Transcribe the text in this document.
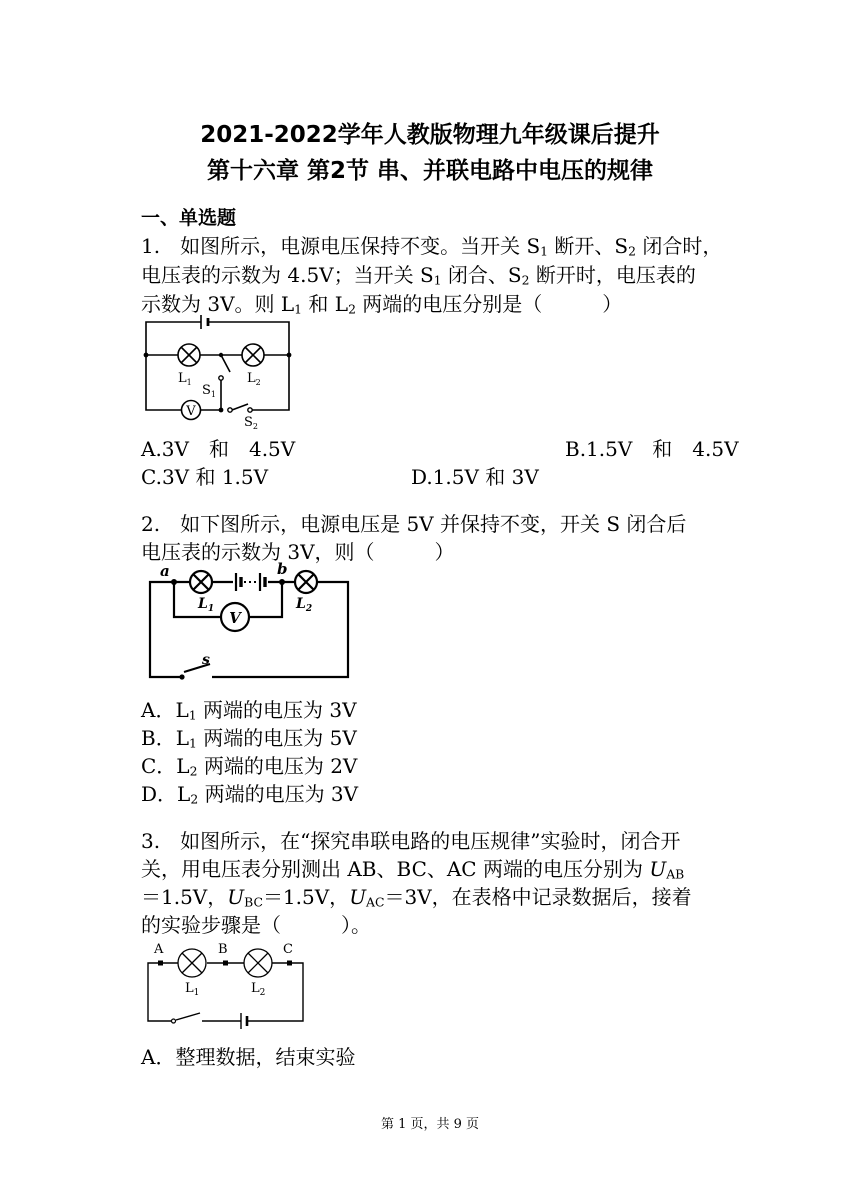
2021-2022学年人教版物理九年级课后提升
第十六章 第2节 串、并联电路中电压的规律
一、单选题
1.　如图所示，电源电压保持不变。当开关 $S_1$ 断开、$S_2$ 闭合时，
电压表的示数为 4.5V；当开关 $S_1$ 闭合、$S_2$ 断开时，电压表的
示数为 3V。则 $L_1$ 和 $L_2$ 两端的电压分别是（　　　）
V
$L_1$	$L_2$
$S_1$
$S_2$
A.3V　和　4.5V	B.1.5V　和　4.5V
C.3V 和 1.5V	D.1.5V 和 3V
2.　如下图所示，电源电压是 5V 并保持不变，开关 S 闭合后
电压表的示数为 3V，则（　　　）
V
a	b
$L_1$	$L_2$
s
A．$L_1$ 两端的电压为 3V
B．$L_1$ 两端的电压为 5V
C．$L_2$ 两端的电压为 2V
D．$L_2$ 两端的电压为 3V
3.　如图所示，在“探究串联电路的电压规律”实验时，闭合开
关，用电压表分别测出 AB、BC、AC 两端的电压分别为 $U_{AB}$
＝1.5V，$U_{BC}=1.5V$，$U_{AC}=3V$，在表格中记录数据后，接着
的实验步骤是（　　　）。
A	B	C
$L_1$	$L_2$
A．整理数据，结束实验
第 1 页，共 9 页
